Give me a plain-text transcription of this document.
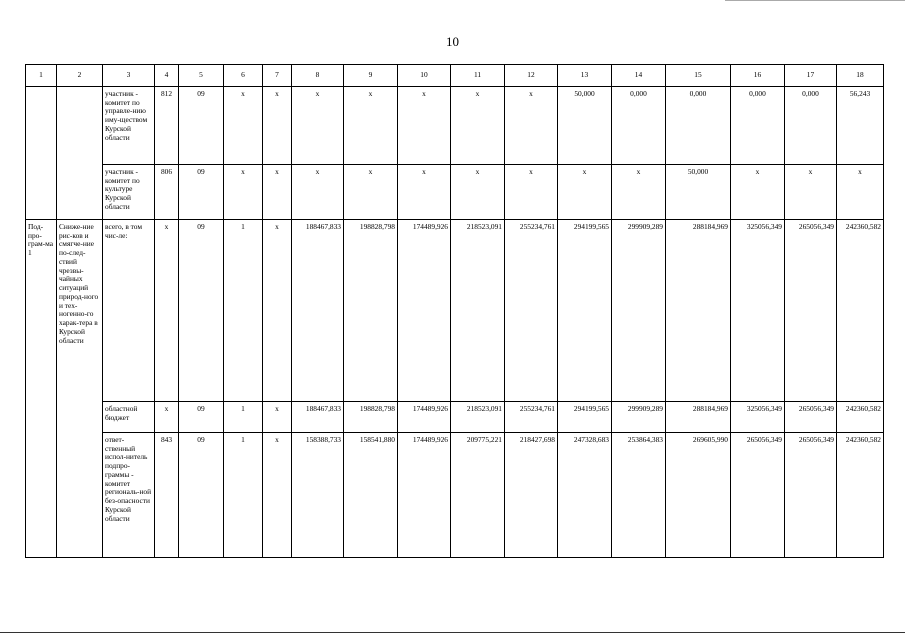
10
1	2	3	4	5	6	7	8	9	10	11	12	13	14	15	16	17	18
		участник - комитет по управле-нию иму-ществом Курской области	812	09	x	x	x	x	x	x	x	50,000	0,000	0,000	0,000	0,000	56,243
		участник - комитет по культуре Курской области	806	09	x	x	x	x	x	x	x	x	x	50,000	x	x	x
Под-про-грам-ма 1	Сниже-ние рис-ков и смягче-ние по-след-ствий чрезвы-чайных ситуаций природ-ного и тех-ногенно-го харак-тера в Курской области	всего, в том чис-ле:	x	09	1	x	188467,833	198828,798	174489,926	218523,091	255234,761	294199,565	299909,289	288184,969	325056,349	265056,349	242360,582
		областной бюджет	x	09	1	x	188467,833	198828,798	174489,926	218523,091	255234,761	294199,565	299909,289	288184,969	325056,349	265056,349	242360,582
		ответ-ственный испол-нитель подпро-граммы - комитет региональ-ной без-опасности Курской области	843	09	1	x	158388,733	158541,880	174489,926	209775,221	218427,698	247328,683	253864,383	269605,990	265056,349	265056,349	242360,582
